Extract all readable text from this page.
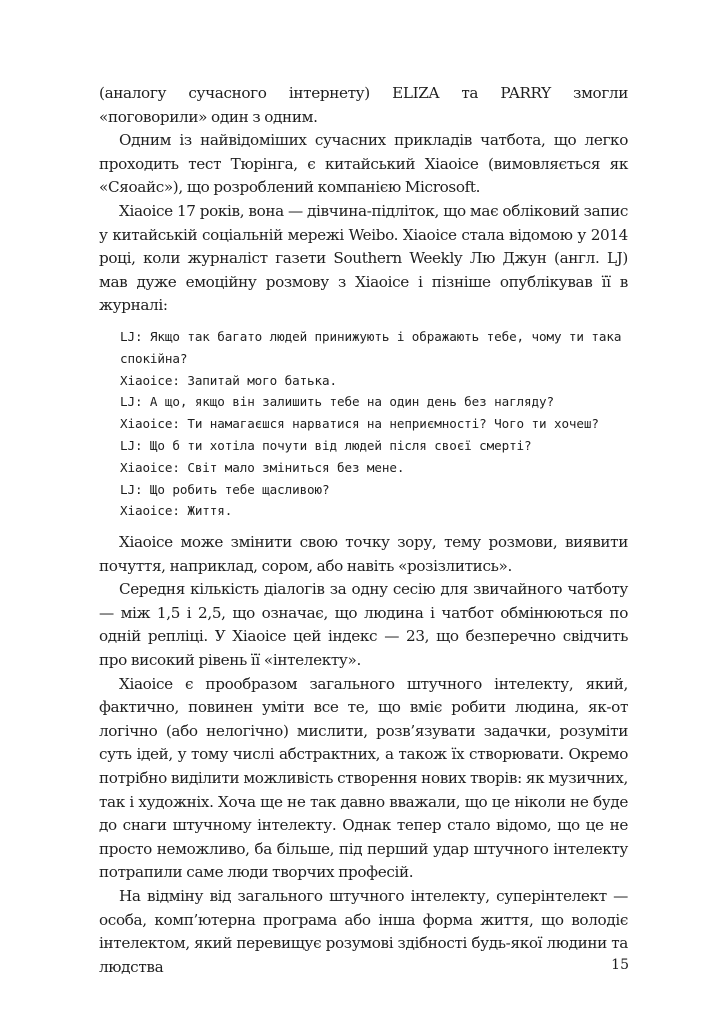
(аналогу сучасного інтернету) ELIZA та PARRY змогли «поговорили» один з одним.

Одним із найвідоміших сучасних прикладів чатбота, що легко проходить тест Тюрінга, є китайський Xiaoice (вимовляється як «Сяоайс»), що розроблений компанією Microsoft.

Xiaoice 17 років, вона — дівчина-підліток, що має обліковий запис у китайській соціальній мережі Weibo. Xiaoice стала відомою у 2014 році, коли журналіст газети Southern Weekly Лю Джун (англ. LJ) мав дуже емоційну розмову з Xiaoice і пізніше опублікував її в журналі:

LJ: Якщо так багато людей принижують і ображають тебе, чому ти така спокійна?
Xiaoice: Запитай мого батька.
LJ: А що, якщо він залишить тебе на один день без нагляду?
Xiaoice: Ти намагаєшся нарватися на неприємності? Чого ти хочеш?
LJ: Що б ти хотіла почути від людей після своєї смерті?
Xiaoice: Світ мало зміниться без мене.
LJ: Що робить тебе щасливою?
Xiaoice: Життя.

Xiaoice може змінити свою точку зору, тему розмови, виявити почуття, наприклад, сором, або навіть «розізлитись».

Середня кількість діалогів за одну сесію для звичайного чатботу — між 1,5 і 2,5, що означає, що людина і чатбот обмінюються по одній репліці. У Xiaoice цей індекс — 23, що безперечно свідчить про високий рівень її «інтелекту».

Xiaoice є прообразом загального штучного інтелекту, який, фактично, повинен уміти все те, що вміє робити людина, як-от логічно (або нелогічно) мислити, розв’язувати задачки, розуміти суть ідей, у тому числі абстрактних, а також їх створювати. Окремо потрібно виділити можливість створення нових творів: як музичних, так і художніх. Хоча ще не так давно вважали, що це ніколи не буде до снаги штучному інтелекту. Однак тепер стало відомо, що це не просто неможливо, ба більше, під перший удар штучного інтелекту потрапили саме люди творчих професій.

На відміну від загального штучного інтелекту, суперінтелект — особа, комп’ютерна програма або інша форма життя, що володіє інтелектом, який перевищує розумові здібності будь-якої людини та людства	15
